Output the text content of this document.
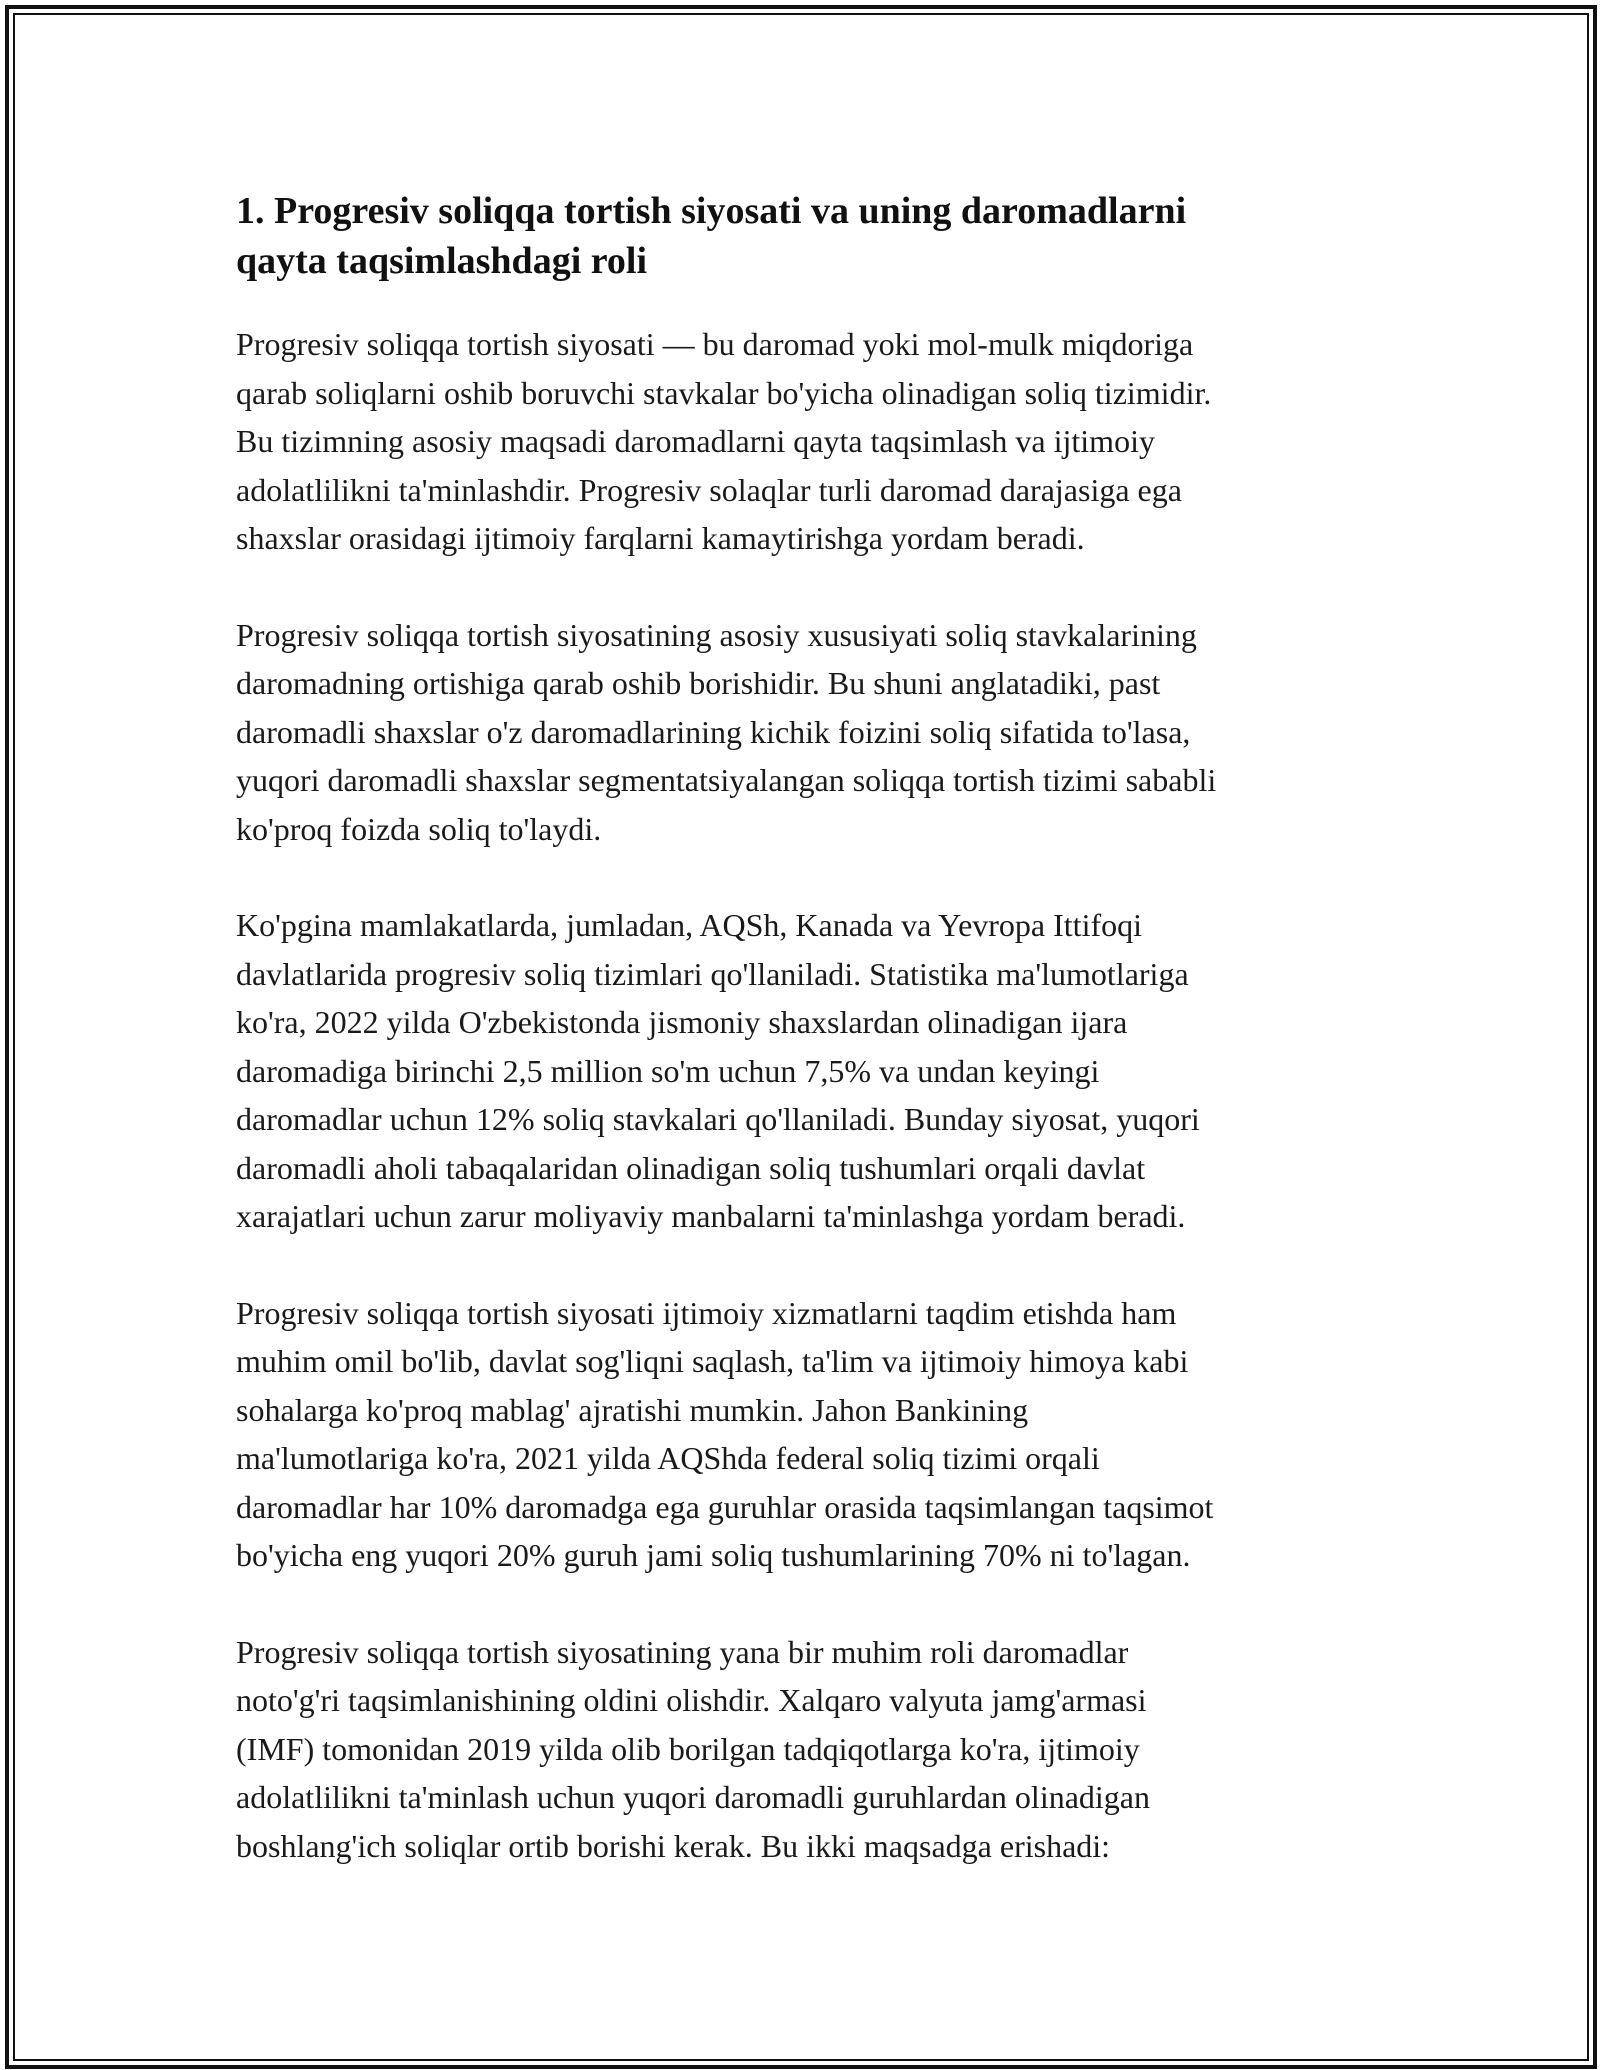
1. Progresiv soliqqa tortish siyosati va uning daromadlarni
qayta taqsimlashdagi roli

Progresiv soliqqa tortish siyosati — bu daromad yoki mol-mulk miqdoriga
qarab soliqlarni oshib boruvchi stavkalar bo'yicha olinadigan soliq tizimidir.
Bu tizimning asosiy maqsadi daromadlarni qayta taqsimlash va ijtimoiy
adolatlilikni ta'minlashdir. Progresiv solaqlar turli daromad darajasiga ega
shaxslar orasidagi ijtimoiy farqlarni kamaytirishga yordam beradi.

Progresiv soliqqa tortish siyosatining asosiy xususiyati soliq stavkalarining
daromadning ortishiga qarab oshib borishidir. Bu shuni anglatadiki, past
daromadli shaxslar o'z daromadlarining kichik foizini soliq sifatida to'lasa,
yuqori daromadli shaxslar segmentatsiyalangan soliqqa tortish tizimi sababli
ko'proq foizda soliq to'laydi.

Ko'pgina mamlakatlarda, jumladan, AQSh, Kanada va Yevropa Ittifoqi
davlatlarida progresiv soliq tizimlari qo'llaniladi. Statistika ma'lumotlariga
ko'ra, 2022 yilda O'zbekistonda jismoniy shaxslardan olinadigan ijara
daromadiga birinchi 2,5 million so'm uchun 7,5% va undan keyingi
daromadlar uchun 12% soliq stavkalari qo'llaniladi. Bunday siyosat, yuqori
daromadli aholi tabaqalaridan olinadigan soliq tushumlari orqali davlat
xarajatlari uchun zarur moliyaviy manbalarni ta'minlashga yordam beradi.

Progresiv soliqqa tortish siyosati ijtimoiy xizmatlarni taqdim etishda ham
muhim omil bo'lib, davlat sog'liqni saqlash, ta'lim va ijtimoiy himoya kabi
sohalarga ko'proq mablag' ajratishi mumkin. Jahon Bankining
ma'lumotlariga ko'ra, 2021 yilda AQShda federal soliq tizimi orqali
daromadlar har 10% daromadga ega guruhlar orasida taqsimlangan taqsimot
bo'yicha eng yuqori 20% guruh jami soliq tushumlarining 70% ni to'lagan.

Progresiv soliqqa tortish siyosatining yana bir muhim roli daromadlar
noto'g'ri taqsimlanishining oldini olishdir. Xalqaro valyuta jamg'armasi
(IMF) tomonidan 2019 yilda olib borilgan tadqiqotlarga ko'ra, ijtimoiy
adolatlilikni ta'minlash uchun yuqori daromadli guruhlardan olinadigan
boshlang'ich soliqlar ortib borishi kerak. Bu ikki maqsadga erishadi:
